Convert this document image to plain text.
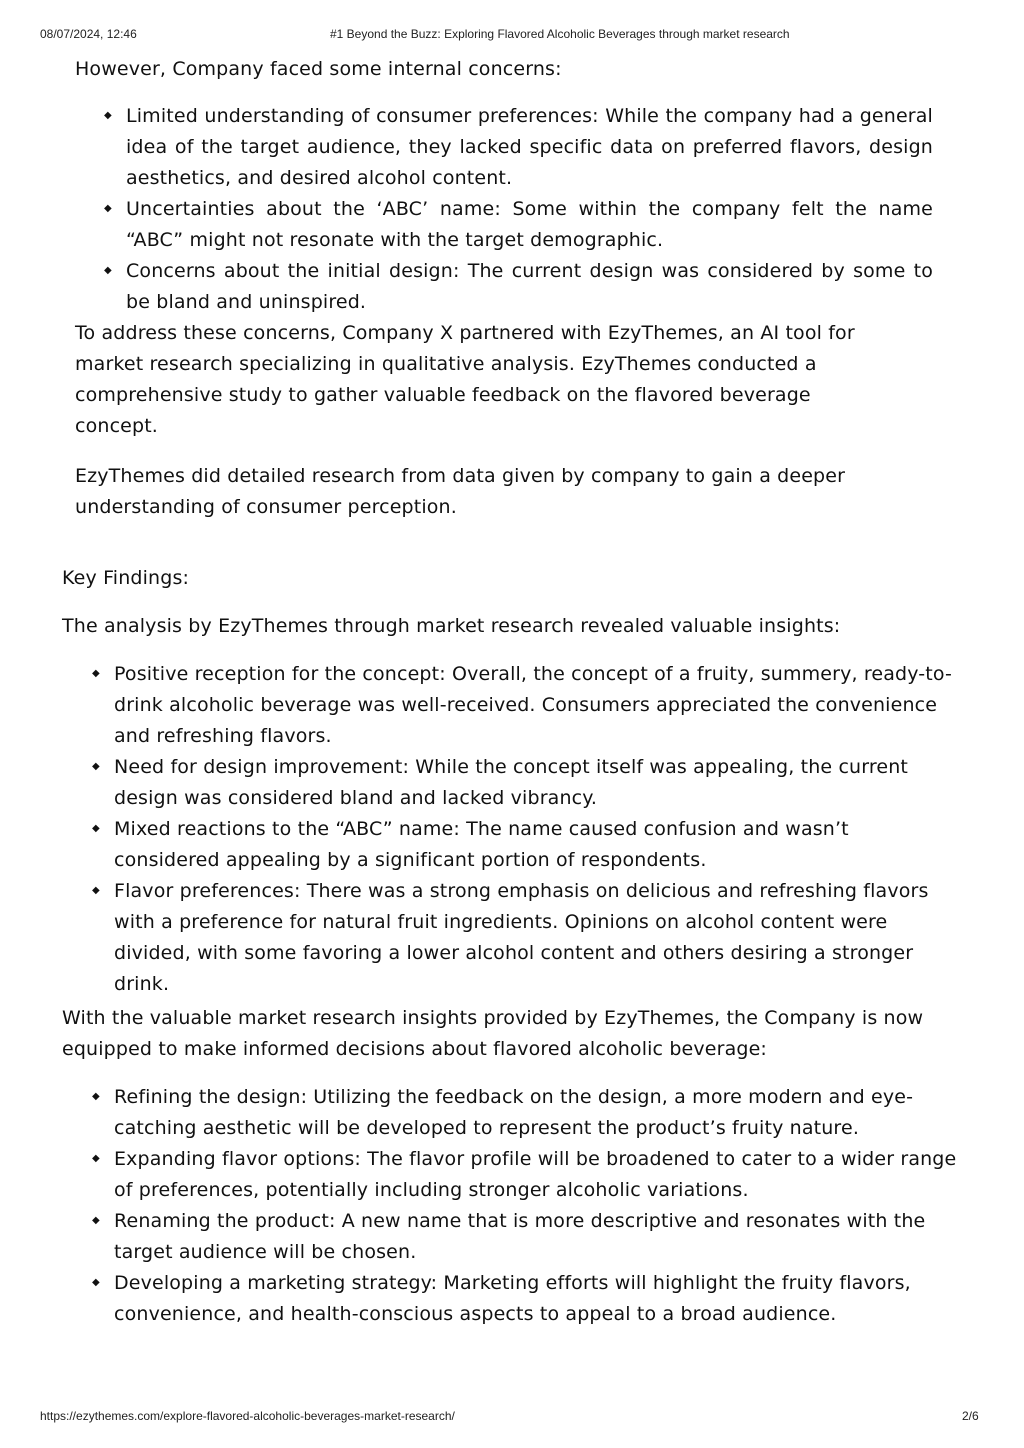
08/07/2024, 12:46	#1 Beyond the Buzz: Exploring Flavored Alcoholic Beverages through market research

However, Company faced some internal concerns:

◆ Limited understanding of consumer preferences: While the company had a general idea of the target audience, they lacked specific data on preferred flavors, design aesthetics, and desired alcohol content.
◆ Uncertainties about the ‘ABC’ name: Some within the company felt the name “ABC” might not resonate with the target demographic.
◆ Concerns about the initial design: The current design was considered by some to be bland and uninspired.

To address these concerns, Company X partnered with EzyThemes, an AI tool for market research specializing in qualitative analysis. EzyThemes conducted a comprehensive study to gather valuable feedback on the flavored beverage concept.

EzyThemes did detailed research from data given by company to gain a deeper understanding of consumer perception.

Key Findings:

The analysis by EzyThemes through market research revealed valuable insights:

◆ Positive reception for the concept: Overall, the concept of a fruity, summery, ready-to-drink alcoholic beverage was well-received. Consumers appreciated the convenience and refreshing flavors.
◆ Need for design improvement: While the concept itself was appealing, the current design was considered bland and lacked vibrancy.
◆ Mixed reactions to the “ABC” name: The name caused confusion and wasn’t considered appealing by a significant portion of respondents.
◆ Flavor preferences: There was a strong emphasis on delicious and refreshing flavors with a preference for natural fruit ingredients. Opinions on alcohol content were divided, with some favoring a lower alcohol content and others desiring a stronger drink.

With the valuable market research insights provided by EzyThemes, the Company is now equipped to make informed decisions about flavored alcoholic beverage:

◆ Refining the design: Utilizing the feedback on the design, a more modern and eye-catching aesthetic will be developed to represent the product’s fruity nature.
◆ Expanding flavor options: The flavor profile will be broadened to cater to a wider range of preferences, potentially including stronger alcoholic variations.
◆ Renaming the product: A new name that is more descriptive and resonates with the target audience will be chosen.
◆ Developing a marketing strategy: Marketing efforts will highlight the fruity flavors, convenience, and health-conscious aspects to appeal to a broad audience.
https://ezythemes.com/explore-flavored-alcoholic-beverages-market-research/	2/6
